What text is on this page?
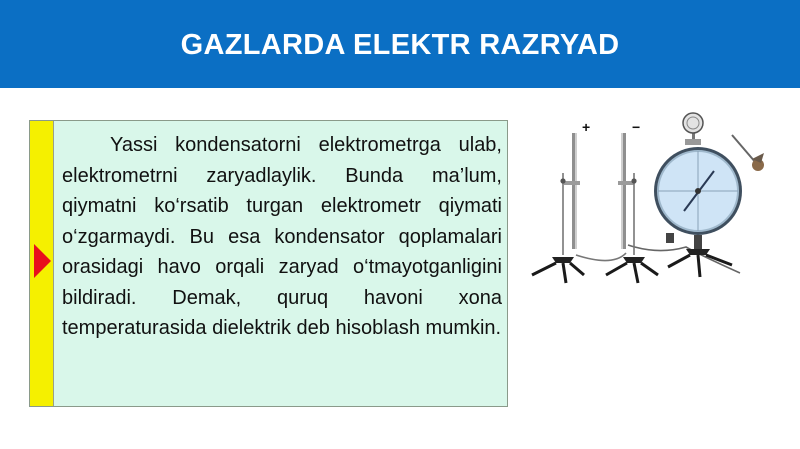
GAZLARDA ELEKTR RAZRYAD

Yassi kondensatorni elektrometrga ulab, elektrometrni zaryadlaylik. Bunda ma’lum, qiymatni ko‘rsatib turgan elektrometr qiymati o‘zgarmaydi. Bu esa kondensator qoplamalari orasidagi havo orqali zaryad o‘tmayotganligini bildiradi. Demak, quruq havoni xona temperaturasida dielektrik deb hisoblash mumkin.

+	−
